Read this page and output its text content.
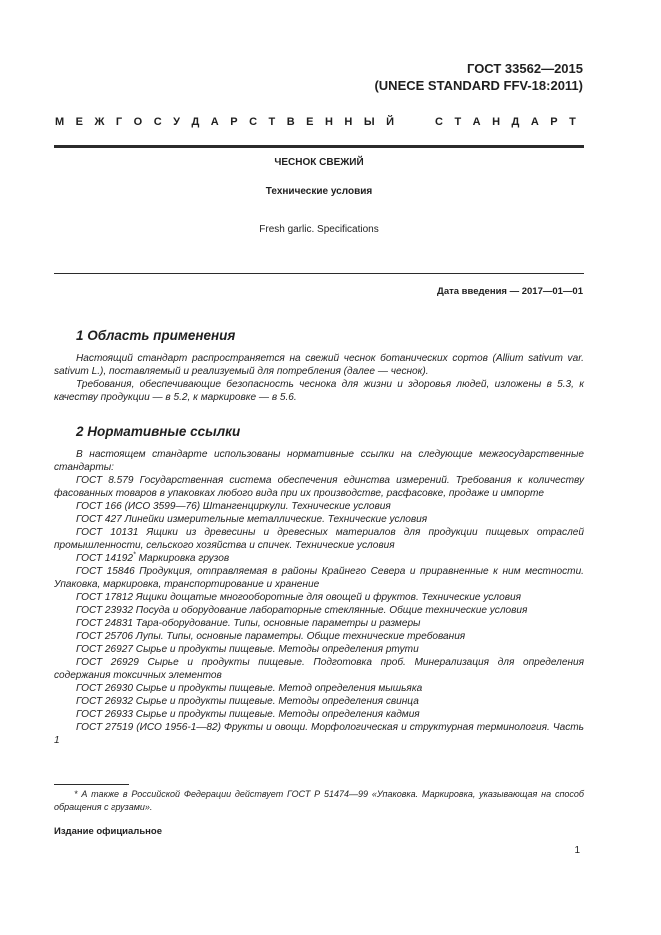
ГОСТ 33562—2015
(UNECE STANDARD FFV-18:2011)
М Е Ж Г О С У Д А Р С Т В Е Н Н Ы Й	С Т А Н Д А Р Т
ЧЕСНОК СВЕЖИЙ
Технические условия
Fresh garlic. Specifications
Дата введения — 2017—01—01
1 Область применения

Настоящий стандарт распространяется на свежий чеснок ботанических сортов (Allium sativum var. sativum L.), поставляемый и реализуемый для потребления (далее — чеснок).

Требования, обеспечивающие безопасность чеснока для жизни и здоровья людей, изложены в 5.3, к качеству продукции — в 5.2, к маркировке — в 5.6.

2 Нормативные ссылки

В настоящем стандарте использованы нормативные ссылки на следующие межгосударственные стандарты:

ГОСТ 8.579 Государственная система обеспечения единства измерений. Требования к количеству фасованных товаров в упаковках любого вида при их производстве, расфасовке, продаже и импорте

ГОСТ 166 (ИСО 3599—76) Штангенциркули. Технические условия

ГОСТ 427 Линейки измерительные металлические. Технические условия

ГОСТ 10131 Ящики из древесины и древесных материалов для продукции пищевых отраслей промышленности, сельского хозяйства и спичек. Технические условия

ГОСТ 14192* Маркировка грузов

ГОСТ 15846 Продукция, отправляемая в районы Крайнего Севера и приравненные к ним местности. Упаковка, маркировка, транспортирование и хранение

ГОСТ 17812 Ящики дощатые многооборотные для овощей и фруктов. Технические условия

ГОСТ 23932 Посуда и оборудование лабораторные стеклянные. Общие технические условия

ГОСТ 24831 Тара-оборудование. Типы, основные параметры и размеры

ГОСТ 25706 Лупы. Типы, основные параметры. Общие технические требования

ГОСТ 26927 Сырье и продукты пищевые. Методы определения ртути

ГОСТ 26929 Сырье и продукты пищевые. Подготовка проб. Минерализация для определения содержания токсичных элементов

ГОСТ 26930 Сырье и продукты пищевые. Метод определения мышьяка

ГОСТ 26932 Сырье и продукты пищевые. Методы определения свинца

ГОСТ 26933 Сырье и продукты пищевые. Методы определения кадмия

ГОСТ 27519 (ИСО 1956-1—82) Фрукты и овощи. Морфологическая и структурная терминология. Часть 1

* А также в Российской Федерации действует ГОСТ Р 51474—99 «Упаковка. Маркировка, указывающая на способ обращения с грузами».

Издание официальное
1
